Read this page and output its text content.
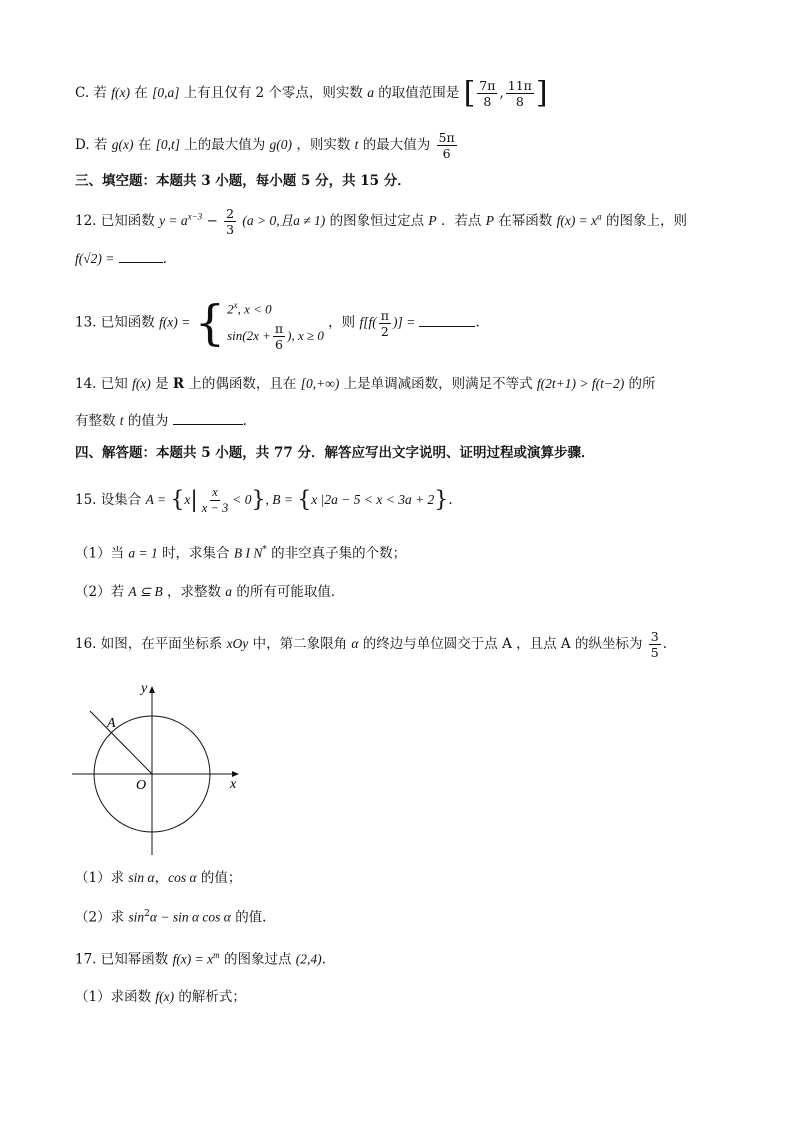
C. 若 f(x) 在 [0,a] 上有且仅有 2 个零点，则实数 a 的取值范围是 [ $\frac{7\pi}{8}$ , $\frac{11\pi}{8}$ ]
D. 若 g(x) 在 [0,t] 上的最大值为 g(0) ，则实数 t 的最大值为 $\frac{5\pi}{6}$
三、填空题：本题共 3 小题，每小题 5 分，共 15 分．
12. 已知函数 $y = a^{x-3} - \frac{2}{3} (a > 0$,且a ≠ 1) 的图象恒过定点 P ．若点 P 在幂函数 $f(x) = x^a$ 的图象上，则
f(√2) =	．
13. 已知函数 f(x) = { 2$^x$, x < 0
$\sin(2x + \frac{\pi}{6}$ ), x ≥ 0
，则 $f[f( \frac{\pi}{2}$ )] =	.
14. 已知 f(x) 是 R 上的偶函数，且在 [0,+∞) 上是单调减函数，则满足不等式 f(2t+1) > f(t−2) 的所
有整数 t 的值为	.
四、解答题：本题共 5 小题，共 77 分．解答应写出文字说明、证明过程或演算步骤．
15. 设集合 $A = \{x| \frac{x}{x - 3} < 0\}$, B = {x |2a − 5 < x < 3a + 2}.
（1）当 a = 1 时，求集合 B I N* 的非空真子集的个数；
（2）若 A ⊆ B ，求整数 a 的所有可能取值．
16. 如图，在平面坐标系 xOy 中，第二象限角 α 的终边与单位圆交于点 A ，且点 A 的纵坐标为 $\frac{3}{5}$ .
y
x
O
A
（1）求 sin α，cos α 的值；
（2）求 $\sin^2\alpha - \sin \alpha$ cos α 的值.
17. 已知幂函数 $f(x) = x^m$ 的图象过点 (2,4).
（1）求函数 f(x) 的解析式；
